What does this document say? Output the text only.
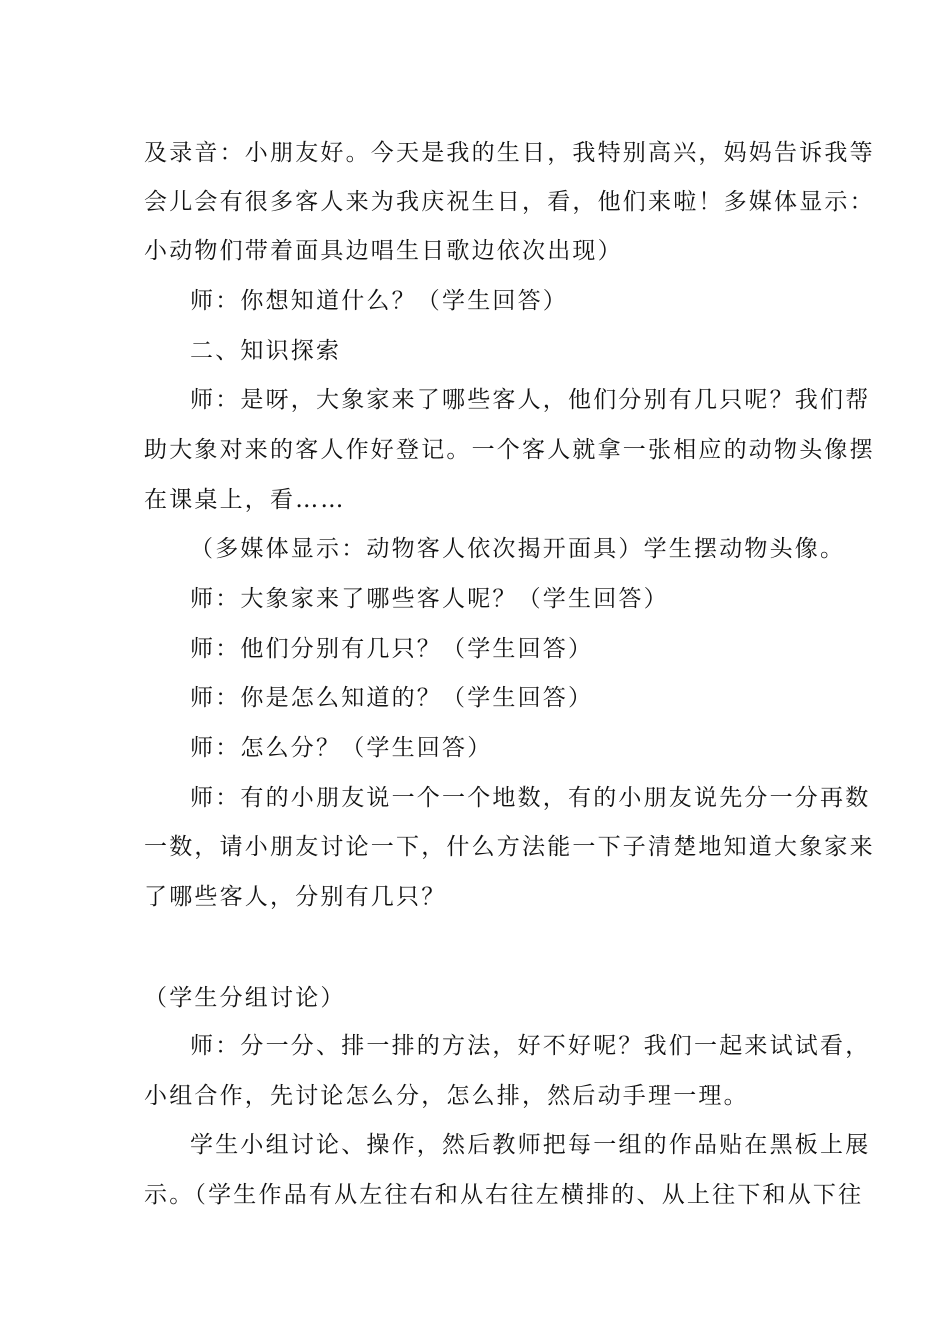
及录音：小朋友好。今天是我的生日，我特别高兴，妈妈告诉我等
会儿会有很多客人来为我庆祝生日，看，他们来啦！多媒体显示：
小动物们带着面具边唱生日歌边依次出现）
师：你想知道什么？（学生回答）
二、知识探索
师：是呀，大象家来了哪些客人，他们分别有几只呢？我们帮
助大象对来的客人作好登记。一个客人就拿一张相应的动物头像摆
在课桌上，看……
（多媒体显示：动物客人依次揭开面具）学生摆动物头像。
师：大象家来了哪些客人呢？（学生回答）
师：他们分别有几只？（学生回答）
师：你是怎么知道的？（学生回答）
师：怎么分？（学生回答）
师：有的小朋友说一个一个地数，有的小朋友说先分一分再数
一数，请小朋友讨论一下，什么方法能一下子清楚地知道大象家来
了哪些客人，分别有几只？
（学生分组讨论）
师：分一分、排一排的方法，好不好呢？我们一起来试试看，
小组合作，先讨论怎么分，怎么排，然后动手理一理。
学生小组讨论、操作，然后教师把每一组的作品贴在黑板上展
示。（学生作品有从左往右和从右往左横排的、从上往下和从下往
